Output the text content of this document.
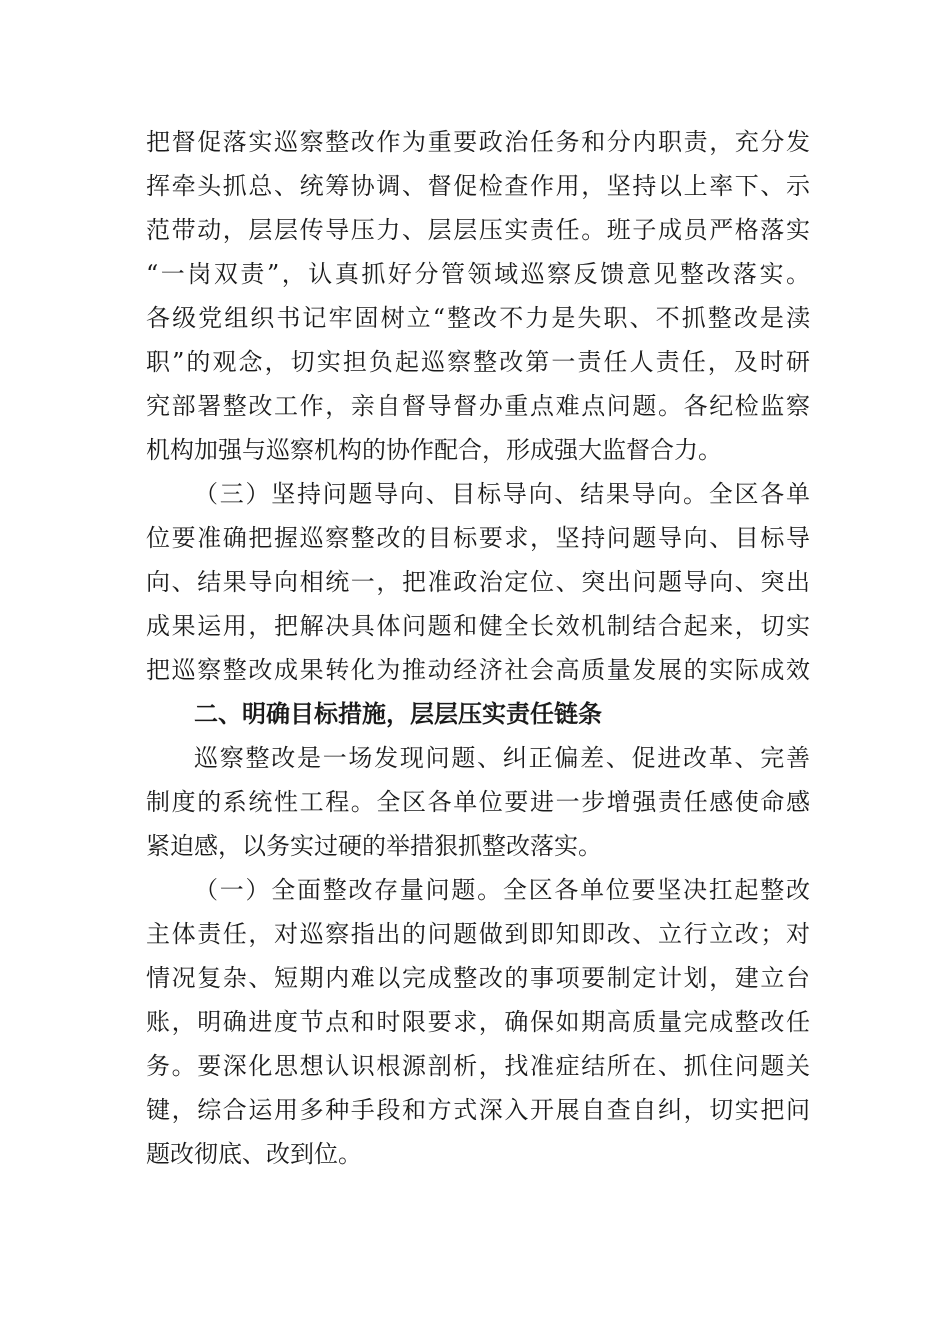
把督促落实巡察整改作为重要政治任务和分内职责，充分发
挥牵头抓总、统筹协调、督促检查作用，坚持以上率下、示
范带动，层层传导压力、层层压实责任。班子成员严格落实
“一岗双责”，认真抓好分管领域巡察反馈意见整改落实。
各级党组织书记牢固树立“整改不力是失职、不抓整改是渎
职”的观念，切实担负起巡察整改第一责任人责任，及时研
究部署整改工作，亲自督导督办重点难点问题。各纪检监察
机构加强与巡察机构的协作配合，形成强大监督合力。
（三）坚持问题导向、目标导向、结果导向。全区各单
位要准确把握巡察整改的目标要求，坚持问题导向、目标导
向、结果导向相统一，把准政治定位、突出问题导向、突出
成果运用，把解决具体问题和健全长效机制结合起来，切实
把巡察整改成果转化为推动经济社会高质量发展的实际成效
二、明确目标措施，层层压实责任链条
巡察整改是一场发现问题、纠正偏差、促进改革、完善
制度的系统性工程。全区各单位要进一步增强责任感使命感
紧迫感，以务实过硬的举措狠抓整改落实。
（一）全面整改存量问题。全区各单位要坚决扛起整改
主体责任，对巡察指出的问题做到即知即改、立行立改；对
情况复杂、短期内难以完成整改的事项要制定计划，建立台
账，明确进度节点和时限要求，确保如期高质量完成整改任
务。要深化思想认识根源剖析，找准症结所在、抓住问题关
键，综合运用多种手段和方式深入开展自查自纠，切实把问
题改彻底、改到位。
